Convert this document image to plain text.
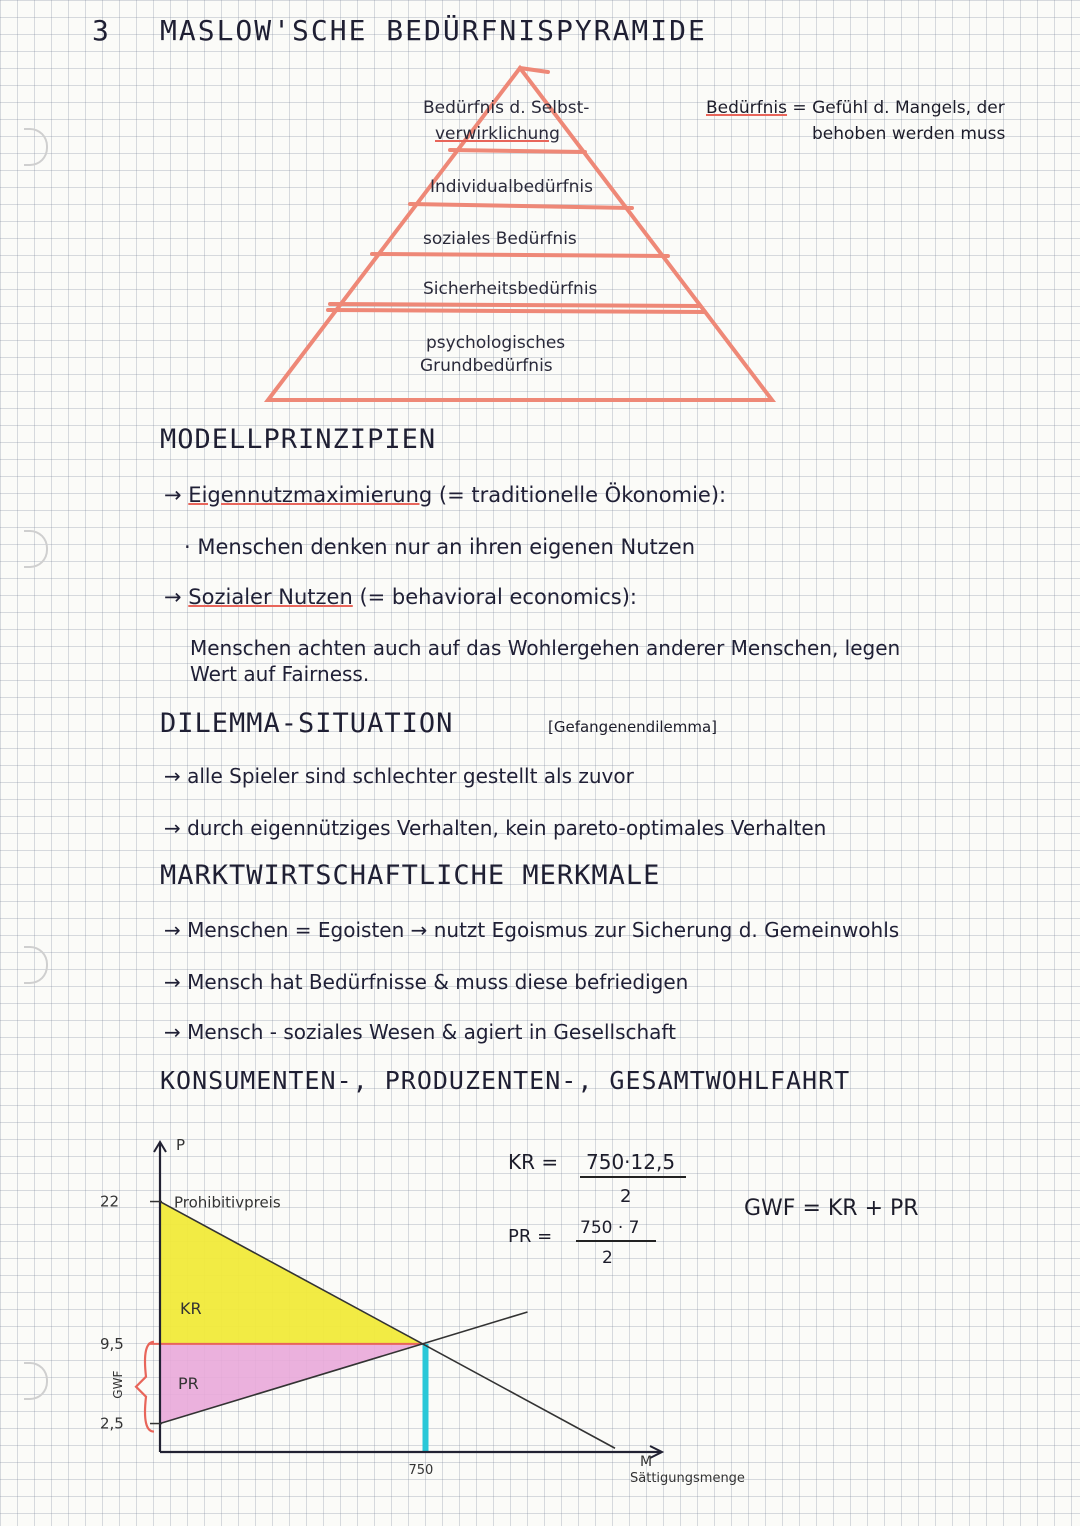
3 MASLOW'SCHE BEDÜRFNISPYRAMIDE
Bedürfnis d. Selbst-
verwirklichung
Individualbedürfnis
soziales Bedürfnis
Sicherheitsbedürfnis
psychologisches
Grundbedürfnis
Bedürfnis = Gefühl d. Mangels, der
behoben werden muss
MODELLPRINZIPIEN
→ Eigennutzmaximierung (= traditionelle Ökonomie):
· Menschen denken nur an ihren eigenen Nutzen
→ Sozialer Nutzen (= behavioral economics):
Menschen achten auch auf das Wohlergehen anderer Menschen, legen
Wert auf Fairness.
DILEMMA-SITUATION	[Gefangenendilemma]
→ alle Spieler sind schlechter gestellt als zuvor
→ durch eigennütziges Verhalten, kein pareto-optimales Verhalten
MARKTWIRTSCHAFTLICHE MERKMALE
→ Menschen = Egoisten → nutzt Egoismus zur Sicherung d. Gemeinwohls
→ Mensch hat Bedürfnisse & muss diese befriedigen
→ Mensch - soziales Wesen & agiert in Gesellschaft
KONSUMENTEN-, PRODUZENTEN-, GESAMTWOHLFAHRT
KR =	750·12,5
2
PR = 750 · 7
2
GWF = KR + PR
KR
PR
P
M
Sättigungsmenge
Prohibitivpreis
22
9,5
2,5
750
GWF
